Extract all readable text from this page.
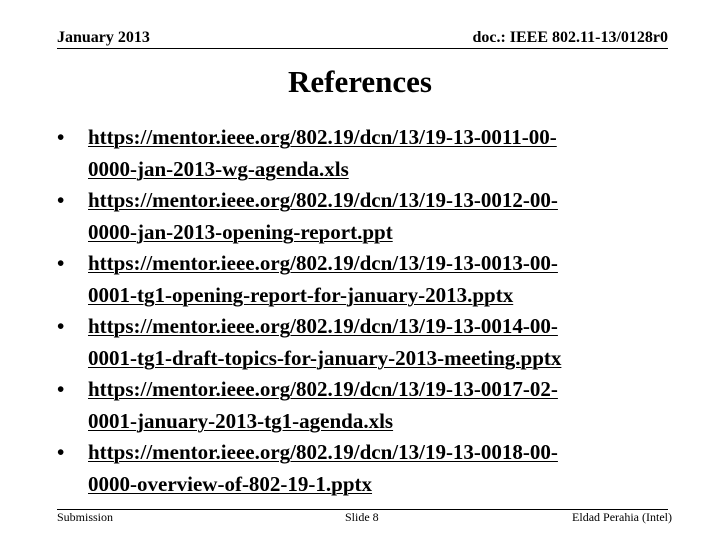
January 2013	doc.: IEEE 802.11-13/0128r0
References
• https://mentor.ieee.org/802.19/dcn/13/19-13-0011-00-
0000-jan-2013-wg-agenda.xls
• https://mentor.ieee.org/802.19/dcn/13/19-13-0012-00-
0000-jan-2013-opening-report.ppt
• https://mentor.ieee.org/802.19/dcn/13/19-13-0013-00-
0001-tg1-opening-report-for-january-2013.pptx
• https://mentor.ieee.org/802.19/dcn/13/19-13-0014-00-
0001-tg1-draft-topics-for-january-2013-meeting.pptx
• https://mentor.ieee.org/802.19/dcn/13/19-13-0017-02-
0001-january-2013-tg1-agenda.xls
• https://mentor.ieee.org/802.19/dcn/13/19-13-0018-00-
0000-overview-of-802-19-1.pptx
Submission	Slide 8	Eldad Perahia (Intel)
